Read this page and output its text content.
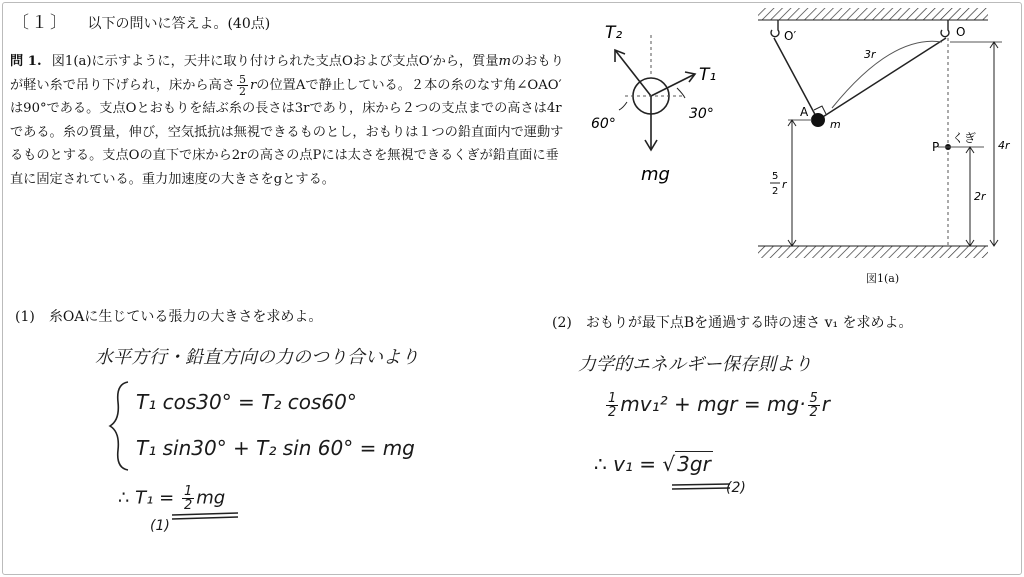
〔１〕 以下の問いに答えよ。(40点)

問 1. 図1(a)に示すように，天井に取り付けられた支点Oおよび支点O′から，質量mのおもりが軽い糸で吊り下げられ，床から高さ $\frac{5}{2}$ rの位置Aで静止している。２本の糸のなす角∠OAO′は90°である。支点Oとおもりを結ぶ糸の長さは3rであり，床から２つの支点までの高さは4rである。糸の質量，伸び，空気抵抗は無視できるものとし，おもりは１つの鉛直面内で運動するものとする。支点Oの直下で床から2rの高さの点Pには太さを無視できるくぎが鉛直面に垂直に固定されている。重力加速度の大きさをgとする。

T₂
T₁
60°
30°
mg
O′	O
A
m
P
くぎ
3r
4r
2r
5
2
r
図1(a)
(1)　糸OAに生じている張力の大きさを求めよ。	(2)　おもりが最下点Bを通過する時の速さ v₁ を求めよ。
水平方行・鉛直方向の力のつり合いより
T₁ cos30° = T₂ cos60°
T₁ sin30° + T₂ sin 60° = mg
∴ $T_1 = \frac{1}{2}$ mg
(1)
力学的エネルギー保存則より
$\frac{1}{2} mv_1^2$ + mgr = $mg\cdot \frac{5}{2}$ r
∴ v₁ = √ 3gr
(2)
